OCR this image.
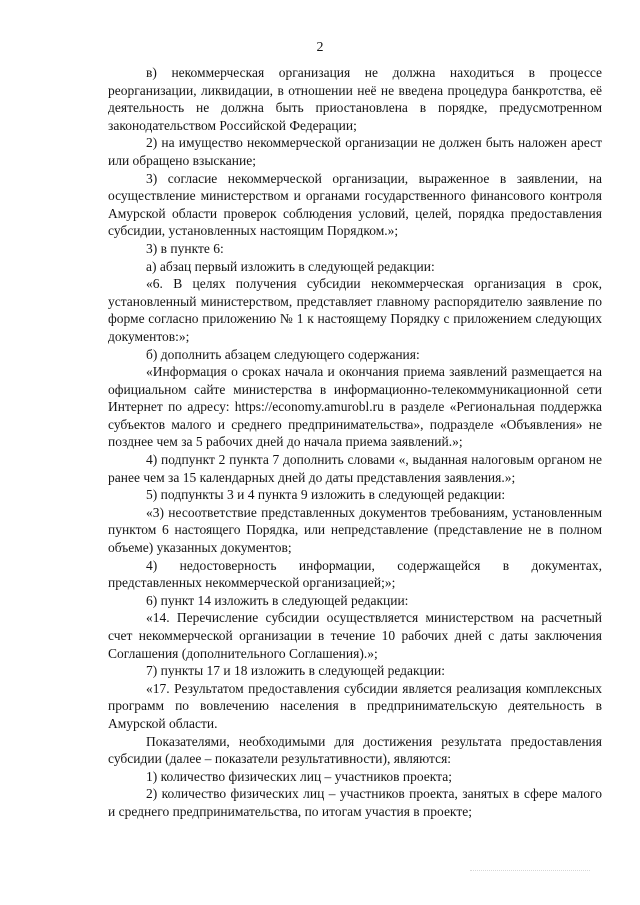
2

в) некоммерческая организация не должна находиться в процессе реорганизации, ликвидации, в отношении неё не введена процедура банкротства, её деятельность не должна быть приостановлена в порядке, предусмотренном законодательством Российской Федерации;

2) на имущество некоммерческой организации не должен быть наложен арест или обращено взыскание;

3) согласие некоммерческой организации, выраженное в заявлении, на осуществление министерством и органами государственного финансового контроля Амурской области проверок соблюдения условий, целей, порядка предоставления субсидии, установленных настоящим Порядком.»;

3) в пункте 6:

а) абзац первый изложить в следующей редакции:

«6. В целях получения субсидии некоммерческая организация в срок, установленный министерством, представляет главному распорядителю заявление по форме согласно приложению № 1 к настоящему Порядку с приложением следующих документов:»;

б) дополнить абзацем следующего содержания:

«Информация о сроках начала и окончания приема заявлений размещается на официальном сайте министерства в информационно-телекоммуникационной сети Интернет по адресу: https://economy.amurobl.ru в разделе «Региональная поддержка субъектов малого и среднего предпринимательства», подразделе «Объявления» не позднее чем за 5 рабочих дней до начала приема заявлений.»;

4) подпункт 2 пункта 7 дополнить словами «, выданная налоговым органом не ранее чем за 15 календарных дней до даты представления заявления.»;

5) подпункты 3 и 4 пункта 9 изложить в следующей редакции:

«3) несоответствие представленных документов требованиям, установленным пунктом 6 настоящего Порядка, или непредставление (представление не в полном объеме) указанных документов;

4) недостоверность информации, содержащейся в документах, представленных некоммерческой организацией;»;

6) пункт 14 изложить в следующей редакции:

«14. Перечисление субсидии осуществляется министерством на расчетный счет некоммерческой организации в течение 10 рабочих дней с даты заключения Соглашения (дополнительного Соглашения).»;

7) пункты 17 и 18 изложить в следующей редакции:

«17. Результатом предоставления субсидии является реализация комплексных программ по вовлечению населения в предпринимательскую деятельность в Амурской области.

Показателями, необходимыми для достижения результата предоставления субсидии (далее – показатели результативности), являются:

1) количество физических лиц – участников проекта;

2) количество физических лиц – участников проекта, занятых в сфере малого и среднего предпринимательства, по итогам участия в проекте;
